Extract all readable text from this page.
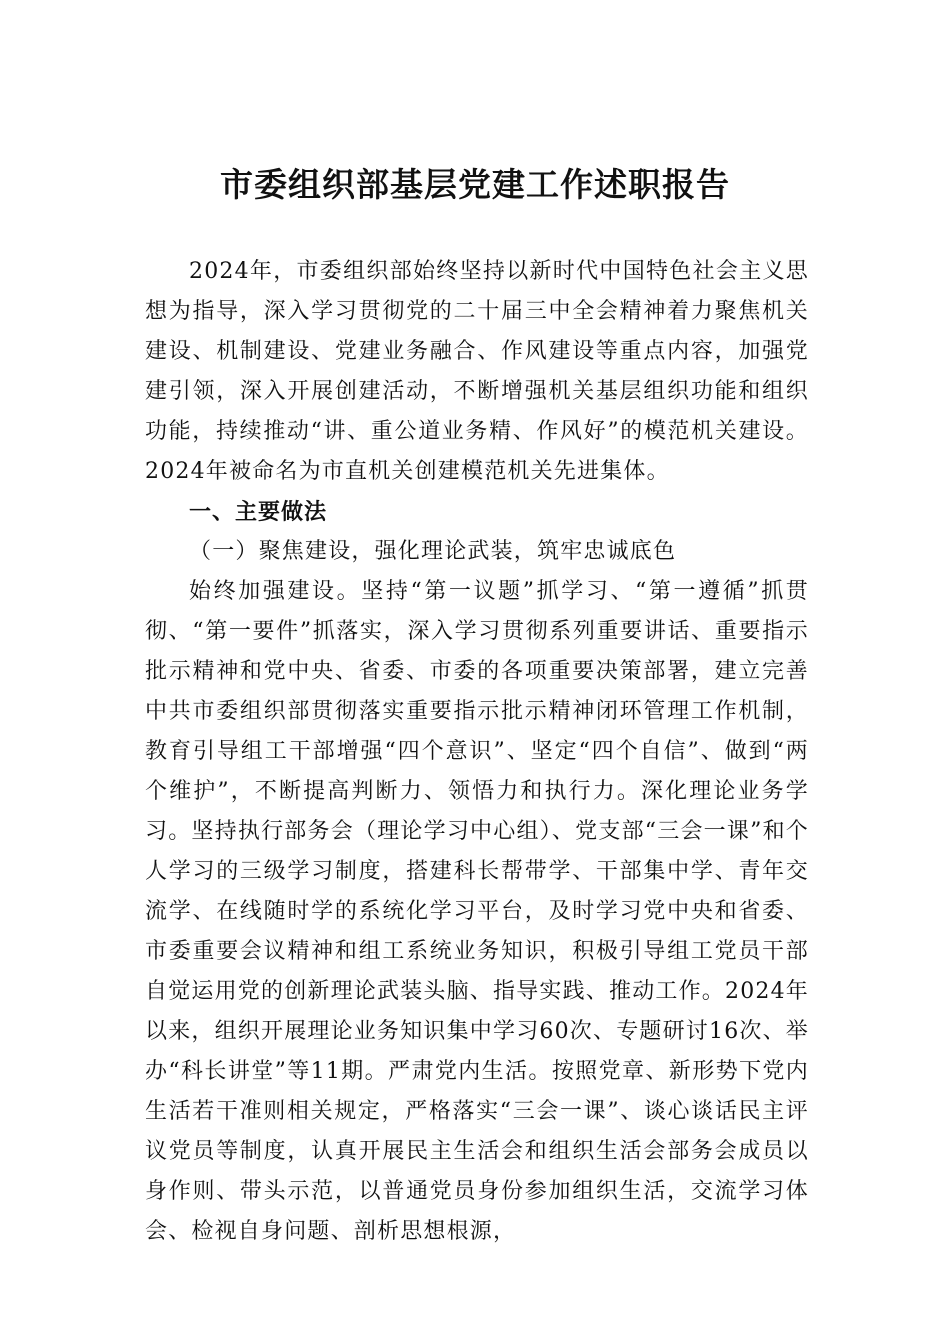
市委组织部基层党建工作述职报告

2024年，市委组织部始终坚持以新时代中国特色社会主义思想为指导，深入学习贯彻党的二十届三中全会精神着力聚焦机关建设、机制建设、党建业务融合、作风建设等重点内容，加强党建引领，深入开展创建活动，不断增强机关基层组织功能和组织功能，持续推动“讲、重公道业务精、作风好”的模范机关建设。2024年被命名为市直机关创建模范机关先进集体。

一、主要做法

（一）聚焦建设，强化理论武装，筑牢忠诚底色

始终加强建设。坚持“第一议题”抓学习、“第一遵循”抓贯彻、“第一要件”抓落实，深入学习贯彻系列重要讲话、重要指示批示精神和党中央、省委、市委的各项重要决策部署，建立完善中共市委组织部贯彻落实重要指示批示精神闭环管理工作机制，教育引导组工干部增强“四个意识”、坚定“四个自信”、做到“两个维护”，不断提高判断力、领悟力和执行力。深化理论业务学习。坚持执行部务会（理论学习中心组）、党支部“三会一课”和个人学习的三级学习制度，搭建科长帮带学、干部集中学、青年交流学、在线随时学的系统化学习平台，及时学习党中央和省委、市委重要会议精神和组工系统业务知识，积极引导组工党员干部自觉运用党的创新理论武装头脑、指导实践、推动工作。2024年以来，组织开展理论业务知识集中学习60次、专题研讨16次、举办“科长讲堂”等11期。严肃党内生活。按照党章、新形势下党内生活若干准则相关规定，严格落实“三会一课”、谈心谈话民主评议党员等制度，认真开展民主生活会和组织生活会部务会成员以身作则、带头示范，以普通党员身份参加组织生活，交流学习体会、检视自身问题、剖析思想根源，
